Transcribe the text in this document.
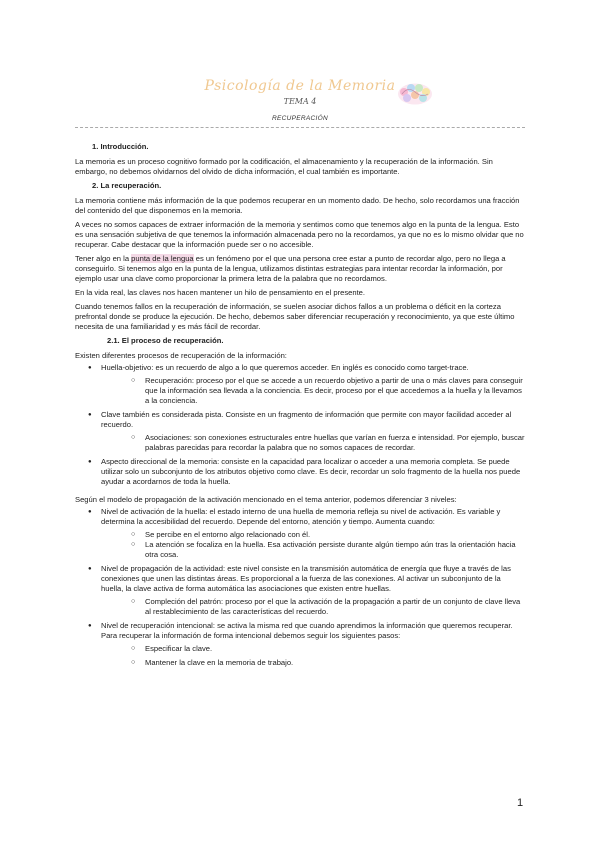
Psicología de la Memoria
TEMA 4
RECUPERACIÓN
1. Introducción.

La memoria es un proceso cognitivo formado por la codificación, el almacenamiento y la recuperación de la información. Sin embargo, no debemos olvidarnos del olvido de dicha información, el cual también es importante.

2. La recuperación.

La memoria contiene más información de la que podemos recuperar en un momento dado. De hecho, solo recordamos una fracción del contenido del que disponemos en la memoria.

A veces no somos capaces de extraer información de la memoria y sentimos como que tenemos algo en la punta de la lengua. Esto es una sensación subjetiva de que tenemos la información almacenada pero no la recordamos, ya que no es lo mismo olvidar que no recuperar. Cabe destacar que la información puede ser o no accesible.

Tener algo en la punta de la lengua es un fenómeno por el que una persona cree estar a punto de recordar algo, pero no llega a conseguirlo. Si tenemos algo en la punta de la lengua, utilizamos distintas estrategias para intentar recordar la información, por ejemplo usar una clave como proporcionar la primera letra de la palabra que no recordamos.

En la vida real, las claves nos hacen mantener un hilo de pensamiento en el presente.

Cuando tenemos fallos en la recuperación de información, se suelen asociar dichos fallos a un problema o déficit en la corteza prefrontal donde se produce la ejecución. De hecho, debemos saber diferenciar recuperación y reconocimiento, ya que este último necesita de una familiaridad y es más fácil de recordar.

2.1. El proceso de recuperación.

Existen diferentes procesos de recuperación de la información:

● Huella-objetivo: es un recuerdo de algo a lo que queremos acceder. En inglés es conocido como target-trace.
○ Recuperación: proceso por el que se accede a un recuerdo objetivo a partir de una o más claves para conseguir que la información sea llevada a la conciencia. Es decir, proceso por el que accedemos a la huella y la llevamos a la conciencia.
● Clave también es considerada pista. Consiste en un fragmento de información que permite con mayor facilidad acceder al recuerdo.
○ Asociaciones: son conexiones estructurales entre huellas que varían en fuerza e intensidad. Por ejemplo, buscar palabras parecidas para recordar la palabra que no somos capaces de recordar.
● Aspecto direccional de la memoria: consiste en la capacidad para localizar o acceder a una memoria completa. Se puede utilizar solo un subconjunto de los atributos objetivo como clave. Es decir, recordar un solo fragmento de la huella nos puede ayudar a acordarnos de toda la huella.

Según el modelo de propagación de la activación mencionado en el tema anterior, podemos diferenciar 3 niveles:

● Nivel de activación de la huella: el estado interno de una huella de memoria refleja su nivel de activación. Es variable y determina la accesibilidad del recuerdo. Depende del entorno, atención y tiempo. Aumenta cuando:
○ Se percibe en el entorno algo relacionado con él.
○ La atención se focaliza en la huella. Esa activación persiste durante algún tiempo aún tras la orientación hacia otra cosa.
● Nivel de propagación de la actividad: este nivel consiste en la transmisión automática de energía que fluye a través de las conexiones que unen las distintas áreas. Es proporcional a la fuerza de las conexiones. Al activar un subconjunto de la huella, la clave activa de forma automática las asociaciones que existen entre huellas.
○ Compleción del patrón: proceso por el que la activación de la propagación a partir de un conjunto de clave lleva al restablecimiento de las características del recuerdo.
● Nivel de recuperación intencional: se activa la misma red que cuando aprendimos la información que queremos recuperar. Para recuperar la información de forma intencional debemos seguir los siguientes pasos:
○ Especificar la clave.
○ Mantener la clave en la memoria de trabajo.
1
